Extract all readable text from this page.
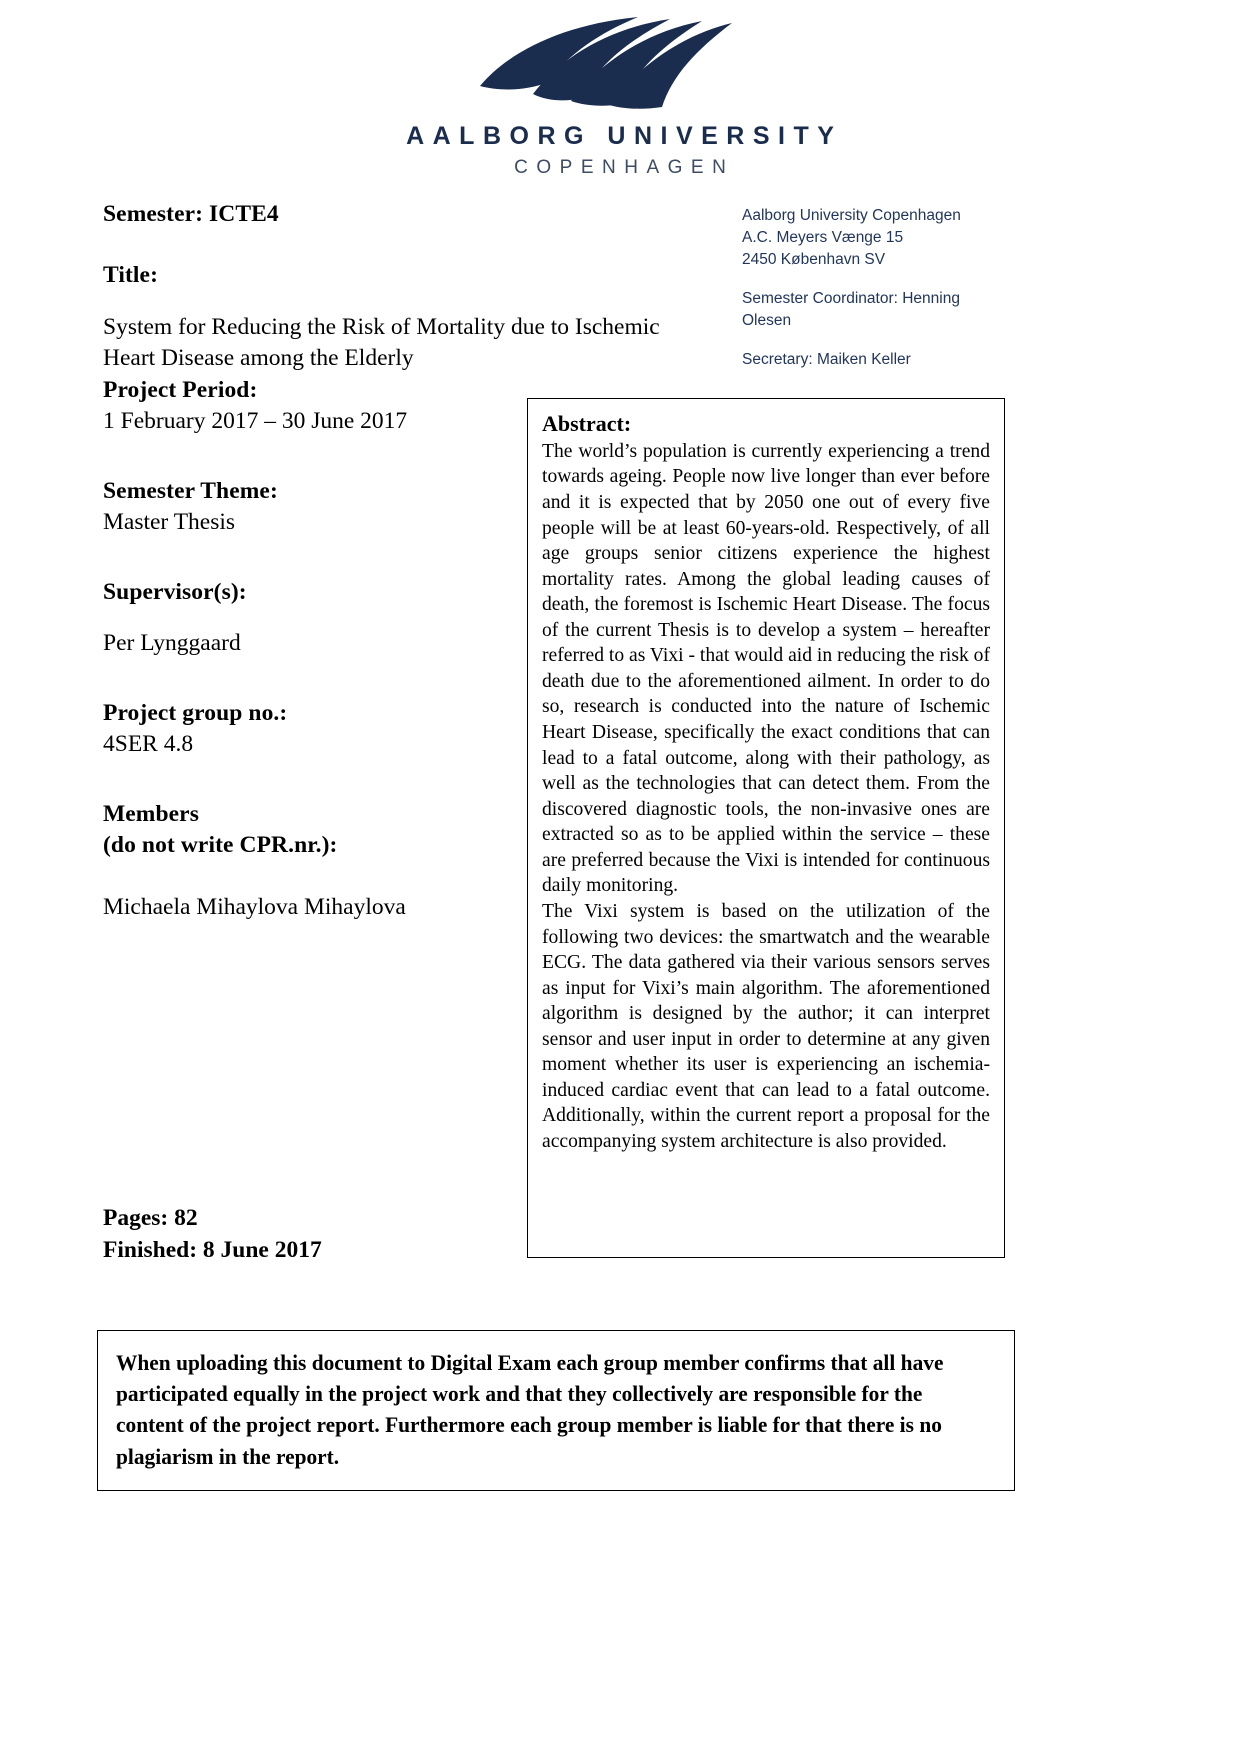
AALBORG UNIVERSITY
COPENHAGEN
Semester: ICTE4
Title:
System for Reducing the Risk of Mortality due to Ischemic Heart Disease among the Elderly
Project Period:
1 February 2017 – 30 June 2017
Semester Theme:
Master Thesis
Supervisor(s):
Per Lynggaard
Project group no.:
4SER 4.8
Members
(do not write CPR.nr.):
Michaela Mihaylova Mihaylova
Aalborg University Copenhagen
A.C. Meyers Vænge 15
2450 København SV
Semester Coordinator: Henning Olesen
Secretary: Maiken Keller
Abstract:

The world’s population is currently experiencing a trend towards ageing. People now live longer than ever before and it is expected that by 2050 one out of every five people will be at least 60-years-old. Respectively, of all age groups senior citizens experience the highest mortality rates. Among the global leading causes of death, the foremost is Ischemic Heart Disease. The focus of the current Thesis is to develop a system – hereafter referred to as Vixi - that would aid in reducing the risk of death due to the aforementioned ailment. In order to do so, research is conducted into the nature of Ischemic Heart Disease, specifically the exact conditions that can lead to a fatal outcome, along with their pathology, as well as the technologies that can detect them. From the discovered diagnostic tools, the non-invasive ones are extracted so as to be applied within the service – these are preferred because the Vixi is intended for continuous daily monitoring.

The Vixi system is based on the utilization of the following two devices: the smartwatch and the wearable ECG. The data gathered via their various sensors serves as input for Vixi’s main algorithm. The aforementioned algorithm is designed by the author; it can interpret sensor and user input in order to determine at any given moment whether its user is experiencing an ischemia-induced cardiac event that can lead to a fatal outcome. Additionally, within the current report a proposal for the accompanying system architecture is also provided.

Pages: 82
Finished: 8 June 2017

When uploading this document to Digital Exam each group member confirms that all have participated equally in the project work and that they collectively are responsible for the content of the project report. Furthermore each group member is liable for that there is no plagiarism in the report.
